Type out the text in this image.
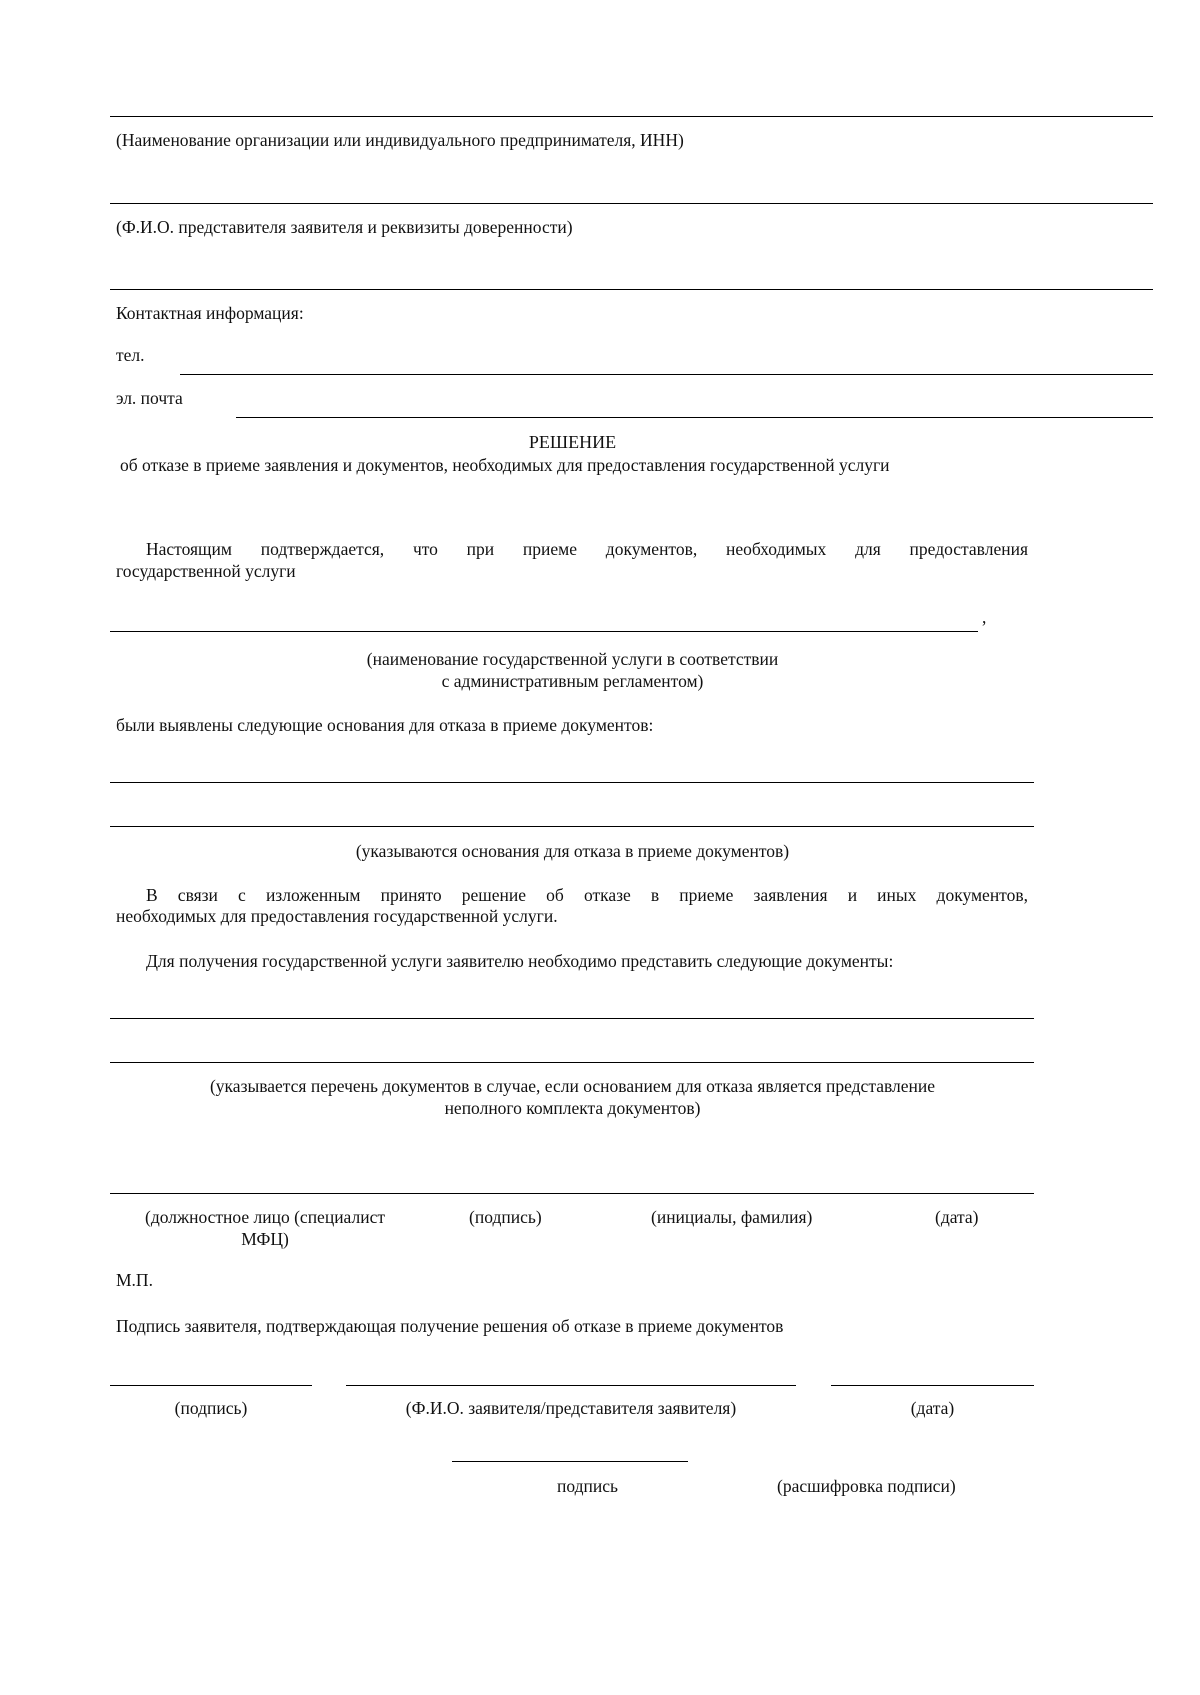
(Наименование организации или индивидуального предпринимателя, ИНН)
(Ф.И.О. представителя заявителя и реквизиты доверенности)
Контактная информация:
тел.
эл. почта
РЕШЕНИЕ
об отказе в приеме заявления и документов, необходимых для предоставления государственной услуги
Настоящим подтверждается, что при приеме документов, необходимых для предоставления
государственной услуги
,
(наименование государственной услуги в соответствии
с административным регламентом)
были выявлены следующие основания для отказа в приеме документов:
(указываются основания для отказа в приеме документов)
В связи с изложенным принято решение об отказе в приеме заявления и иных документов,
необходимых для предоставления государственной услуги.
Для получения государственной услуги заявителю необходимо представить следующие документы:
(указывается перечень документов в случае, если основанием для отказа является представление
неполного комплекта документов)
(должностное лицо (специалист
МФЦ)
(подпись)	(инициалы, фамилия)	(дата)
М.П.
Подпись заявителя, подтверждающая получение решения об отказе в приеме документов
(подпись)	(Ф.И.О. заявителя/представителя заявителя)	(дата)
подпись	(расшифровка подписи)
